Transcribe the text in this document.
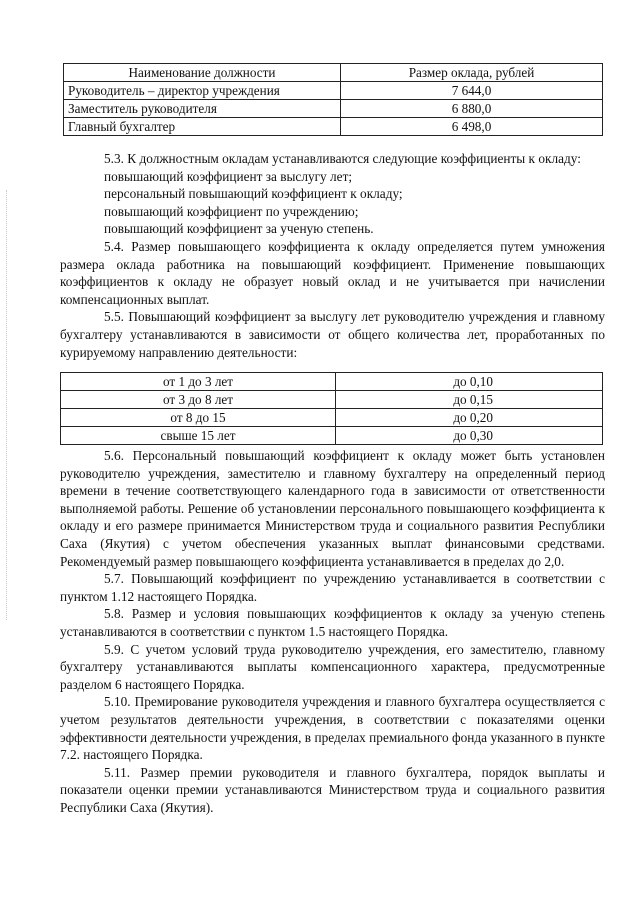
Наименование должности	Размер оклада, рублей
Руководитель – директор учреждения	7 644,0
Заместитель руководителя	6 880,0
Главный бухгалтер	6 498,0

5.3. К должностным окладам устанавливаются следующие коэффициенты к окладу:

повышающий коэффициент за выслугу лет;

персональный повышающий коэффициент к окладу;

повышающий коэффициент по учреждению;

повышающий коэффициент за ученую степень.

5.4. Размер повышающего коэффициента к окладу определяется путем умножения размера оклада работника на повышающий коэффициент. Применение повышающих коэффициентов к окладу не образует новый оклад и не учитывается при начислении компенсационных выплат.

5.5. Повышающий коэффициент за выслугу лет руководителю учреждения и главному бухгалтеру устанавливаются в зависимости от общего количества лет, проработанных по курируемому направлению деятельности:

от 1 до 3 лет	до 0,10
от 3 до 8 лет	до 0,15
от 8 до 15	до 0,20
свыше 15 лет	до 0,30

5.6. Персональный повышающий коэффициент к окладу может быть установлен руководителю учреждения, заместителю и главному бухгалтеру на определенный период времени в течение соответствующего календарного года в зависимости от ответственности выполняемой работы. Решение об установлении персонального повышающего коэффициента к окладу и его размере принимается Министерством труда и социального развития Республики Саха (Якутия) с учетом обеспечения указанных выплат финансовыми средствами. Рекомендуемый размер повышающего коэффициента устанавливается в пределах до 2,0.

5.7. Повышающий коэффициент по учреждению устанавливается в соответствии с пунктом 1.12 настоящего Порядка.

5.8. Размер и условия повышающих коэффициентов к окладу за ученую степень устанавливаются в соответствии с пунктом 1.5 настоящего Порядка.

5.9. С учетом условий труда руководителю учреждения, его заместителю, главному бухгалтеру устанавливаются выплаты компенсационного характера, предусмотренные разделом 6 настоящего Порядка.

5.10. Премирование руководителя учреждения и главного бухгалтера осуществляется с учетом результатов деятельности учреждения, в соответствии с показателями оценки эффективности деятельности учреждения, в пределах премиального фонда указанного в пункте 7.2. настоящего Порядка.

5.11. Размер премии руководителя и главного бухгалтера, порядок выплаты и показатели оценки премии устанавливаются Министерством труда и социального развития Республики Саха (Якутия).
